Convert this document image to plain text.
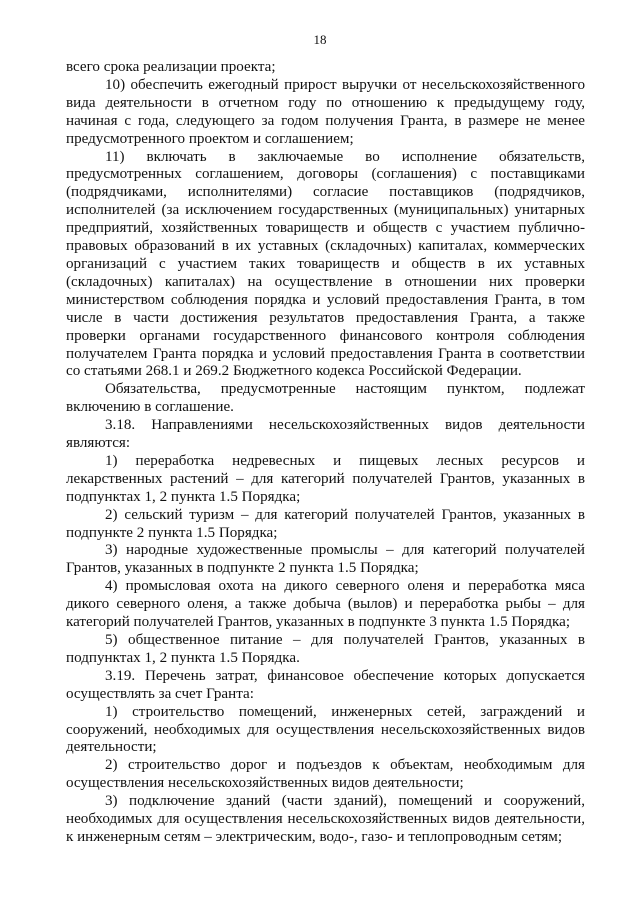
18

всего срока реализации проекта;

10) обеспечить ежегодный прирост выручки от несельскохозяйственного вида деятельности в отчетном году по отношению к предыдущему году, начиная с года, следующего за годом получения Гранта, в размере не менее предусмотренного проектом и соглашением;

11) включать в заключаемые во исполнение обязательств, предусмотренных соглашением, договоры (соглашения) с поставщиками (подрядчиками, исполнителями) согласие поставщиков (подрядчиков, исполнителей (за исключением государственных (муниципальных) унитарных предприятий, хозяйственных товариществ и обществ с участием публично-правовых образований в их уставных (складочных) капиталах, коммерческих организаций с участием таких товариществ и обществ в их уставных (складочных) капиталах) на осуществление в отношении них проверки министерством соблюдения порядка и условий предоставления Гранта, в том числе в части достижения результатов предоставления Гранта, а также проверки органами государственного финансового контроля соблюдения получателем Гранта порядка и условий предоставления Гранта в соответствии со статьями 268.1 и 269.2 Бюджетного кодекса Российской Федерации.

Обязательства, предусмотренные настоящим пунктом, подлежат включению в соглашение.

3.18. Направлениями несельскохозяйственных видов деятельности являются:

1) переработка недревесных и пищевых лесных ресурсов и лекарственных растений – для категорий получателей Грантов, указанных в подпунктах 1, 2 пункта 1.5 Порядка;

2) сельский туризм – для категорий получателей Грантов, указанных в подпункте 2 пункта 1.5 Порядка;

3) народные художественные промыслы – для категорий получателей Грантов, указанных в подпункте 2 пункта 1.5 Порядка;

4) промысловая охота на дикого северного оленя и переработка мяса дикого северного оленя, а также добыча (вылов) и переработка рыбы – для категорий получателей Грантов, указанных в подпункте 3 пункта 1.5 Порядка;

5) общественное питание – для получателей Грантов, указанных в подпунктах 1, 2 пункта 1.5 Порядка.

3.19. Перечень затрат, финансовое обеспечение которых допускается осуществлять за счет Гранта:

1) строительство помещений, инженерных сетей, заграждений и сооружений, необходимых для осуществления несельскохозяйственных видов деятельности;

2) строительство дорог и подъездов к объектам, необходимым для осуществления несельскохозяйственных видов деятельности;

3) подключение зданий (части зданий), помещений и сооружений, необходимых для осуществления несельскохозяйственных видов деятельности, к инженерным сетям – электрическим, водо-, газо- и теплопроводным сетям;
